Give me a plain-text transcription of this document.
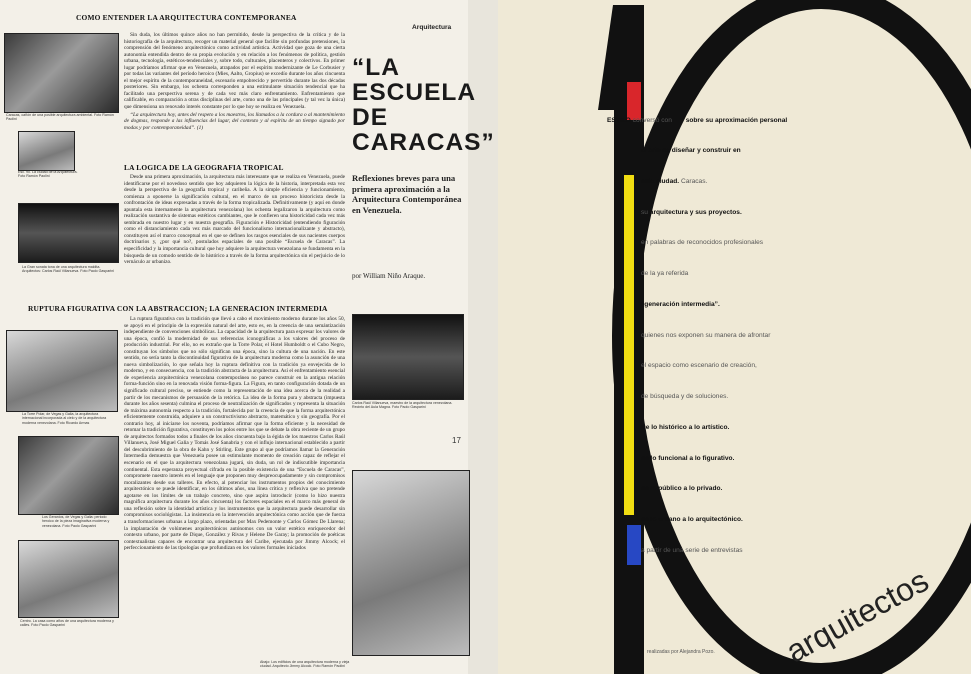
COMO ENTENDER LA ARQUITECTURA CONTEMPORANEA
Arquitectura
Caracas, cañón de una posible arquitectura ambiental. Foto Ramón Paolini
Esc. 90. La ciudad de la Arquitectura. Foto Ramón Paolini

Sin duda, los últimos quince años no han permitido, desde la perspectiva de la crítica y de la historiografía de la arquitectura, recoger un material general que facilite sin profundas pretensiones, la comprensión del fenómeno arquitectónico como actividad artística. Actividad que goza de una cierta autonomía entendida dentro de su propia evolución y en relación a los fenómenos de política, gestión urbana, tecnología, estéticos-tendenciales y, sobre todo, culturales, placenteros y colectivos. En primer lugar podríamos afirmar que en Venezuela, atrapados por el espíritu modernizante de Le Corbusier y por todas las variantes del período heroico (Mies, Aalto, Gropius) se excedío durante los años cincuenta el mejor espíritu de la contemporaneidad, escenario empobrecido y pervertido durante las dos décadas posteriores. Sin embargo, los ochenta corresponden a una estimulante situación tendencial que ha facilitado una perspectiva serena y de cada vez más claro enfrentamiento. Enfrentamiento que calificable, en comparación a otras disciplinas del arte, como una de las principales (y tal vez la única) que dimensiona un renovado interés constante por lo que hoy se realiza en Venezuela.

“La arquitectura hoy, antes del respeto a los maestros, los llamados a la cordura o al mantenimiento de dogmas, responde a las influencias del lugar, del contexto y al espíritu de un tiempo signado por modas y por contemporaneidad”. (1)

LA LOGICA DE LA GEOGRAFIA TROPICAL

Desde una primera aproximación, la arquitectura más interesante que se realiza en Venezuela, puede identificarse por el novedoso sentido que hoy adquieren la lógica de la historia, interpretada esta vez desde la perspectiva de la geografía tropical y caribeña. A la simple eficiencia y funcionamiento, comienza a oponerse la significación cultural, en el marco de un proceso historicista desde la confrontación de ideas expresadas a través de la forma tropicalizada. Definitivamente (y aquí en donde apuntala esta internamente la arquitectura venezolana) los ochenta legalizaron la arquitectura como realización sustantiva de sistemas estéticos cambiantes, que le confieren una historicidad cada vez más sembrada en nuestro lugar y en nuestra geografía. Figuración e Historicidad (entendiendo figuración como el distanciamiento cada vez más marcado del funcionalismo internacionalizante y abstracto), constituyen así el marco conceptual en el que se definen los rasgos esenciales de sus nacientes cuerpos doctrinarios y, ¿por qué no?, postulados espaciales de una posible “Escuela de Caracas”. La especificidad y la importancia cultural que hoy adquiere la arquitectura venezolana se fundamenta en la búsqueda de un comodo sentido de lo histórico a través de la forma arquitectónica sin el perjuicio de lo vernáculo ar urbanizo.

La Gran sonata tona de una arquitectura maldita. Arquitectos: Carlos Raúl Villanueva. Foto Paolo Gasparini
“LA ESCUELA DE CARACAS”
Reflexiones breves para una primera aproximación a la Arquitectura Contemporánea en Venezuela.
por William Niño Araque.
RUPTURA FIGURATIVA CON LA ABSTRACCION; LA GENERACION INTERMEDIA
La Torre Polar, de Vegas y Galia, la arquitectura internacional incorporada al cielo y de la arquitectura moderna venezolana. Foto Ricardo Armas
Los Geranios, de Vegas y Galia: periodo heroico de la pieza imaginativa moderna y venezolana. Foto Paolo Gasparini
Centro. La casa como años de una arquitectura moderna y calles. Foto Paolo Gasparini

La ruptura figurativa con la tradición que llevó a cabo el movimiento moderno durante los años 50, se apoyó en el principio de la expresión natural del arte, esto es, en la creencia de una semántización independiente de convenciones simbólicas. La capacidad de la arquitectura para expresar los valores de una época, confió la modernidad de sus referencias iconográficas a los valores del proceso de producción industrial. Por ello, no es extraño que la Torre Polar, el Hotel Humboldt o el Cubo Negro, constituyan los símbolos que no sólo significan una época, sino la cultura de una nación. En este sentido, no sería tanto la discontinuidad figurativa de la arquitectura moderna como la asunción de una nueva simbolización, lo que señala hoy la ruptura definitiva con la tradición ya envejecida de lo moderno, y en consecuencia, con la tradición abstracta de la arquitectura. Así el enfrentamiento esencial de experiencia arquitectónica venezolana contemporánea no parece construir en la antigua relación forma-función sino en la renovada visión forma-figura. La Figura, en tanto configuración dotada de un significado cultural preciso, se entiende como la representación de una idea acerca de la realidad a partir de los mecanismos de persuasión de la retórica. La idea de la forma pura y abstracta (impuesta durante los años sesenta) culmina el proceso de neutralización de significados y representa la situación de máxima autonomía respecto a la tradición, fortalecida por la creencia de que la forma arquitectónica eficientemente construida, adquiere a un constructivismo abstracto, matemático y sin geografía. Por el contrario hoy, al iniciarse los noventa, podríamos afirmar que la forma eficiente y la necesidad de retomar la tradición figurativa, constituyen los polos entre los que se debate la obra reciente de un grupo de arquitectos formados todos a finales de los años cincuenta bajo la égida de los maestros Carlos Raúl Villanueva, José Miguel Galia y Tomás José Sanabria y con el influjo internacional establecido a partir del descubrimiento de la obra de Kahn y Stirling. Este grupo al que podríamos llamar la Generación Intermedia demuestra que Venezuela posee un estimulante momento de creación capaz de reflejar el escenario en el que la arquitectura venezolana jugará, sin duda, un rol de indiscutible importancia continental. Esta esperanza proyectual cifrada en la posible existencia de una “Escuela de Caracas”, compromete nuestro interés en el lenguaje que proponen muy despreocupadamente y sin compromisos moralizantes desde sus talleres. En efecto, al potenciar los instrumentos propios del conocimiento arquitectónico se puede identificar, en los últimos años, una línea crítica y reflexiva que no pretende agotarse en los límites de un trabajo concreto, sino que aspira introducir (como lo hizo nuestra magnífica arquitectura durante los años cincuenta) los factores espaciales en el marco más general de una reflexión sobre la identidad artística y los instrumentos que la arquitectura puede desarrollar sin compromisos sociológistas. La insistencia en la intervención arquitectónica como acción que de fuerza a transformaciones urbanas a largo plazo, orientadas por Max Pedemonte y Carlos Gómez De Llarena; la implantación de volúmenes arquitectónicos autónomos con un valor estético enriquecedor del contexto urbano, por parte de Dique, González y Rivas y Helene De Garay; la promoción de poéticas contextualistas capaces de encontrar una arquitectura del Caribe, ejecutada por Jimmy Alcock; el perfeccionamiento de las tipologías que profundizan en los valores formales iniciados

Carlos Raúl Villanueva, maestro de la arquitectura venezolana. Recinto del Aula Magna. Foto Paolo Gasparini
17
Abajo: Los edificios de una arquitectura moderna y vieja ciudad. Arquitecto Jimmy Alcock. Foto Ramón Paolini
ESTILO conversó con sobre su aproximación personal
al arte de diseñar y construir en
esta ciudad. Caracas.
su arquitectura y sus proyectos.
en palabras de reconocidos profesionales
de la ya referida
“generación intermedia”.
quienes nos exponen su manera de afrontar
el espacio como escenario de creación,
de búsqueda y de soluciones.
De lo histórico a lo artístico.
de lo funcional a lo figurativo.
de lo público a lo privado.
de lo urbano a lo arquitectónico.
a partir de una serie de entrevistas
arquitectos
realizadas por Alejandra Pozo.
